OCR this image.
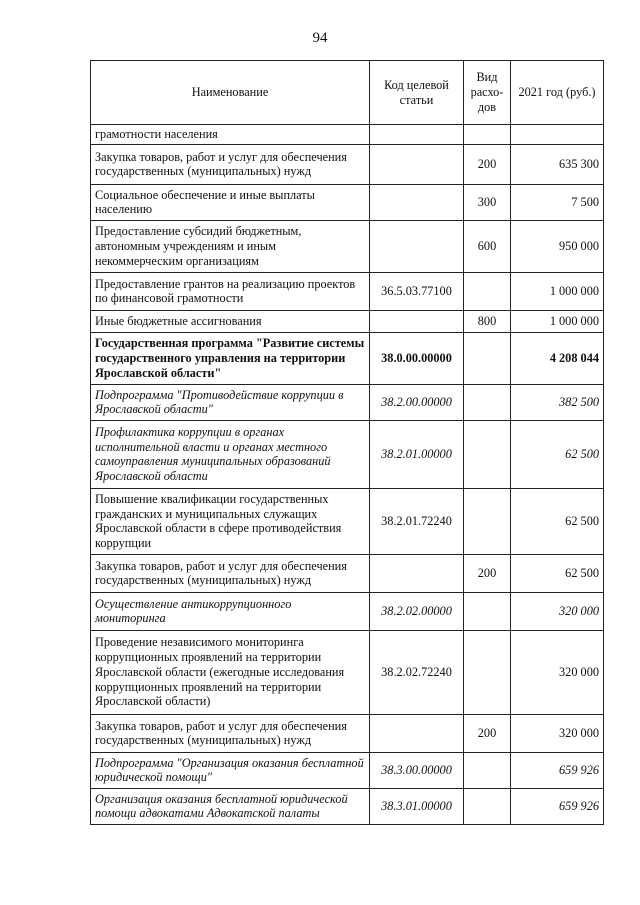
94
Наименование	Код целевой статьи	Вид расхо-дов	2021 год (руб.)
грамотности населения			
Закупка товаров, работ и услуг для обеспечения государственных (муниципальных) нужд		200	635 300
Социальное обеспечение и иные выплаты населению		300	7 500
Предоставление субсидий бюджетным, автономным учреждениям и иным некоммерческим организациям		600	950 000
Предоставление грантов на реализацию проектов по финансовой грамотности	36.5.03.77100		1 000 000
Иные бюджетные ассигнования		800	1 000 000
Государственная программа "Развитие системы государственного управления на территории Ярославской области"	38.0.00.00000		4 208 044
Подпрограмма "Противодействие коррупции в Ярославской области"	38.2.00.00000		382 500
Профилактика коррупции в органах исполнительной власти и органах местного самоуправления муниципальных образований Ярославской области	38.2.01.00000		62 500
Повышение квалификации государственных гражданских и муниципальных служащих Ярославской области в сфере противодействия коррупции	38.2.01.72240		62 500
Закупка товаров, работ и услуг для обеспечения государственных (муниципальных) нужд		200	62 500
Осуществление антикоррупционного мониторинга	38.2.02.00000		320 000
Проведение независимого мониторинга коррупционных проявлений на территории Ярославской области (ежегодные исследования коррупционных проявлений на территории Ярославской области)	38.2.02.72240		320 000
Закупка товаров, работ и услуг для обеспечения государственных (муниципальных) нужд		200	320 000
Подпрограмма "Организация оказания бесплатной юридической помощи"	38.3.00.00000		659 926
Организация оказания бесплатной юридической помощи адвокатами Адвокатской палаты	38.3.01.00000		659 926
